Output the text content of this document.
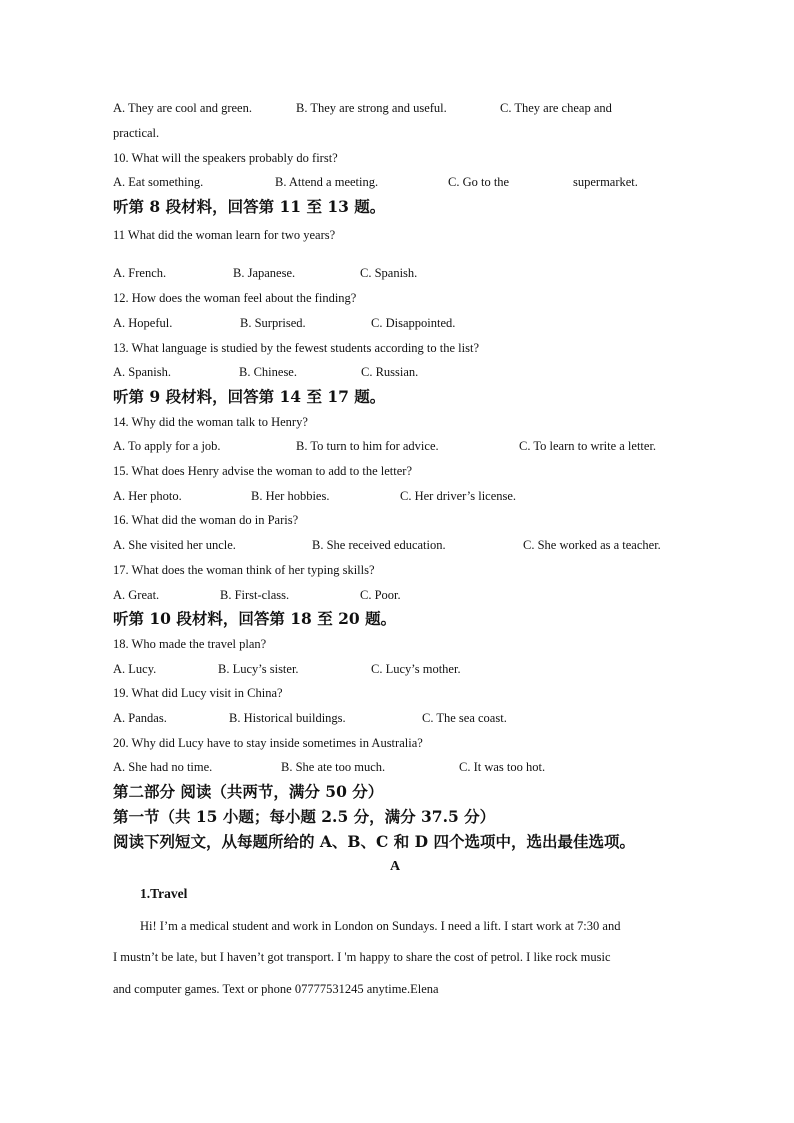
A. They are cool and green.	B. They are strong and useful.	C. They are cheap and
practical.
10. What will the speakers probably do first?
A. Eat something.	B. Attend a meeting.	C. Go to the	supermarket.
听第 8 段材料，回答第 11 至 13 题。
11 What did the woman learn for two years?
A. French.	B. Japanese.	C. Spanish.
12. How does the woman feel about the finding?
A. Hopeful.	B. Surprised.	C. Disappointed.
13. What language is studied by the fewest students according to the list?
A. Spanish.	B. Chinese.	C. Russian.
听第 9 段材料，回答第 14 至 17 题。
14. Why did the woman talk to Henry?
A. To apply for a job.	B. To turn to him for advice.	C. To learn to write a letter.
15. What does Henry advise the woman to add to the letter?
A. Her photo.	B. Her hobbies.	C. Her driver’s license.
16. What did the woman do in Paris?
A. She visited her uncle.	B. She received education.	C. She worked as a teacher.
17. What does the woman think of her typing skills?
A. Great.	B. First-class.	C. Poor.
听第 10 段材料，回答第 18 至 20 题。
18. Who made the travel plan?
A. Lucy.	B. Lucy’s sister.	C. Lucy’s mother.
19. What did Lucy visit in China?
A. Pandas.	B. Historical buildings.	C. The sea coast.
20. Why did Lucy have to stay inside sometimes in Australia?
A. She had no time.	B. She ate too much.	C. It was too hot.
第二部分 阅读（共两节，满分 50 分）
第一节（共 15 小题；每小题 2.5 分，满分 37.5 分）
阅读下列短文，从每题所给的 A、B、C 和 D 四个选项中，选出最佳选项。
A
1.Travel
Hi! I’m a medical student and work in London on Sundays. I need a lift. I start work at 7:30 and
I mustn’t be late, but I haven’t got transport. I 'm happy to share the cost of petrol. I like rock music
and computer games. Text or phone 07777531245 anytime.Elena
